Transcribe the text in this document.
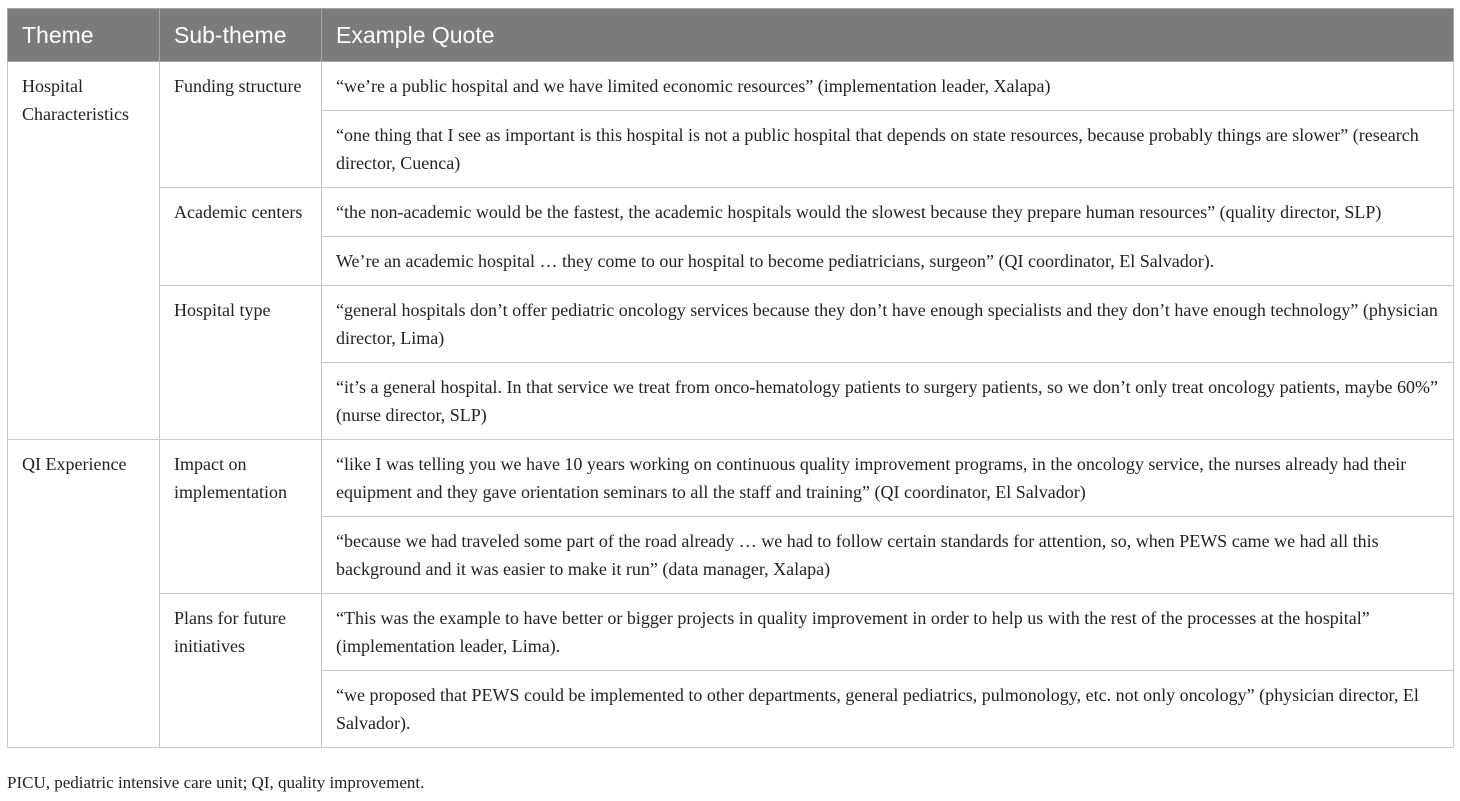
Theme	Sub-theme	Example Quote
Hospital Characteristics	Funding structure	“we’re a public hospital and we have limited economic resources” (implementation leader, Xalapa)
		“one thing that I see as important is this hospital is not a public hospital that depends on state resources, because probably things are slower” (research director, Cuenca)
	Academic centers	“the non-academic would be the fastest, the academic hospitals would the slowest because they prepare human resources” (quality director, SLP)
		We’re an academic hospital … they come to our hospital to become pediatricians, surgeon” (QI coordinator, El Salvador).
	Hospital type	“general hospitals don’t offer pediatric oncology services because they don’t have enough specialists and they don’t have enough technology” (physician director, Lima)
		“it’s a general hospital. In that service we treat from onco-hematology patients to surgery patients, so we don’t only treat oncology patients, maybe 60%” (nurse director, SLP)
QI Experience	Impact on implementation	“like I was telling you we have 10 years working on continuous quality improvement programs, in the oncology service, the nurses already had their equipment and they gave orientation seminars to all the staff and training” (QI coordinator, El Salvador)
		“because we had traveled some part of the road already … we had to follow certain standards for attention, so, when PEWS came we had all this background and it was easier to make it run” (data manager, Xalapa)
	Plans for future initiatives	“This was the example to have better or bigger projects in quality improvement in order to help us with the rest of the processes at the hospital” (implementation leader, Lima).
		“we proposed that PEWS could be implemented to other departments, general pediatrics, pulmonology, etc. not only oncology” (physician director, El Salvador).
PICU, pediatric intensive care unit; QI, quality improvement.
